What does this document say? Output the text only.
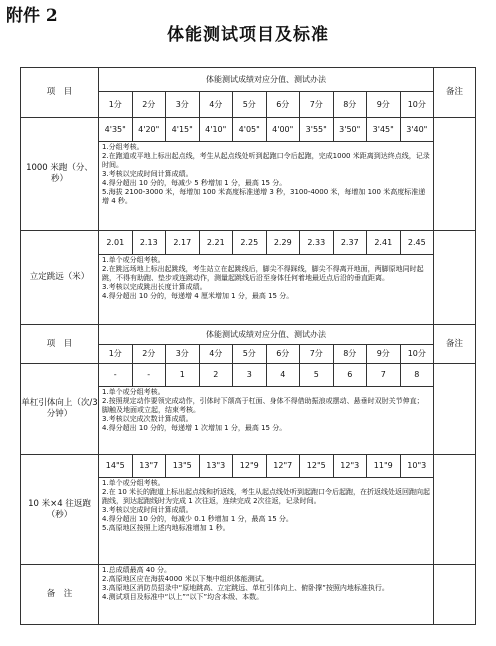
附件 2
体能测试项目及标准
项　目	体能测试成绩对应分值、测试办法										备注
	1分	2分	3分	4分	5分	6分	7分	8分	9分	10分	
1000 米跑（分、秒）	4'35"	4'20"	4'15"	4'10"	4'05"	4'00"	3'55"	3'50"	3'45"	3'40"	

	1.分组考核。
2.在跑道或平地上标出起点线，考生从起点线处听到起跑口令后起跑，完成1000 米距离到达终点线，记录时间。
3.考核以完成时间计算成绩。
4.得分超出 10 分的，每减少 5 秒增加 1 分，最高 15 分。
5.海拔 2100-3000 米，每增加 100 米高度标准递增 3 秒，3100-4000 米，每增加 100 米高度标准递增 4 秒。										

立定跳远（米）	2.01	2.13	2.17	2.21	2.25	2.29	2.33	2.37	2.41	2.45	

	1.单个或分组考核。
2.在跳远场地上标出起跳线，考生站立在起跳线后，脚尖不得踩线，脚尖不得离开地面，两脚原地同时起跳，不得有助跑、垫步或连跳动作，测量起跳线后沿至身体任何着地最近点后沿的垂直距离。
3.考核以完成跳出长度计算成绩。
4.得分超出 10 分的，每递增 4 厘米增加 1 分，最高 15 分。										

项　目	体能测试成绩对应分值、测试办法										备注
	1分	2分	3分	4分	5分	6分	7分	8分	9分	10分	
单杠引体向上（次/3 分钟）	-	-	1	2	3	4	5	6	7	8	

	1.单个或分组考核。
2.按照规定动作要领完成动作，引体时下颌高于杠面、身体不得借助振浪或摆动、悬垂时双肘关节伸直；脚触及地面或立起，结束考核。
3.考核以完成次数计算成绩。
4.得分超出 10 分的，每递增 1 次增加 1 分，最高 15 分。										

10 米×4 往返跑（秒）	14"5	13"7	13"5	13"3	12"9	12"7	12"5	12"3	11"9	10"3	

	1.单个或分组考核。
2.在 10 米长的跑道上标出起点线和折返线，考生从起点线处听到起跑口令后起跑，在折返线处返回跑向起跑线，到达起跑线时为完成 1 次往返，连续完成 2次往返，记录时间。
3.考核以完成时间计算成绩。
4.得分超出 10 分的，每减少 0.1 秒增加 1 分，最高 15 分。
5.高原地区按照上述内地标准增加 1 秒。										

备　注	1.总成绩最高 40 分。
2.高原地区应在海拔4000 米以下集中组织体能测试。
3.高原地区消防员招录中“原地跳高、立定跳远、单杠引体向上、俯卧撑”按照内地标准执行。
4.测试项目及标准中“以上”“以下”均含本级、本数。										
